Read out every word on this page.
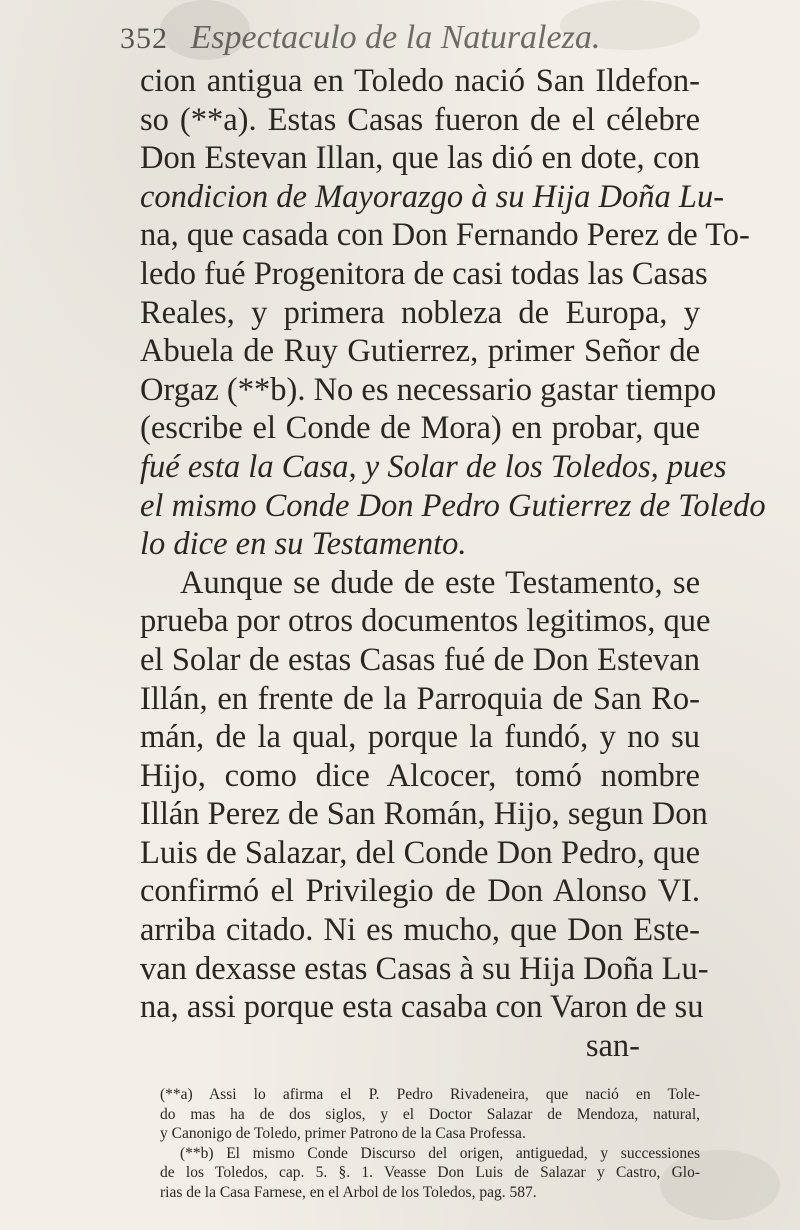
352 Espectaculo de la Naturaleza.
cion antigua en Toledo nació San Ildefon-
so (**a). Estas Casas fueron de el célebre
Don Estevan Illan, que las dió en dote, con
condicion de Mayorazgo à su Hija Doña Lu-
na, que casada con Don Fernando Perez de To-
ledo fué Progenitora de casi todas las Casas
Reales, y primera nobleza de Europa, y
Abuela de Ruy Gutierrez, primer Señor de
Orgaz (**b). No es necessario gastar tiempo
(escribe el Conde de Mora) en probar, que
fué esta la Casa, y Solar de los Toledos, pues
el mismo Conde Don Pedro Gutierrez de Toledo
lo dice en su Testamento.
Aunque se dude de este Testamento, se
prueba por otros documentos legitimos, que
el Solar de estas Casas fué de Don Estevan
Illán, en frente de la Parroquia de San Ro-
mán, de la qual, porque la fundó, y no su
Hijo, como dice Alcocer, tomó nombre
Illán Perez de San Román, Hijo, segun Don
Luis de Salazar, del Conde Don Pedro, que
confirmó el Privilegio de Don Alonso VI.
arriba citado. Ni es mucho, que Don Este-
van dexasse estas Casas à su Hija Doña Lu-
na, assi porque esta casaba con Varon de su
san-
(**a) Assi lo afirma el P. Pedro Rivadeneira, que nació en Tole-
do mas ha de dos siglos, y el Doctor Salazar de Mendoza, natural,
y Canonigo de Toledo, primer Patrono de la Casa Professa.
(**b) El mismo Conde Discurso del origen, antiguedad, y successiones
de los Toledos, cap. 5. §. 1. Veasse Don Luis de Salazar y Castro, Glo-
rias de la Casa Farnese, en el Arbol de los Toledos, pag. 587.
